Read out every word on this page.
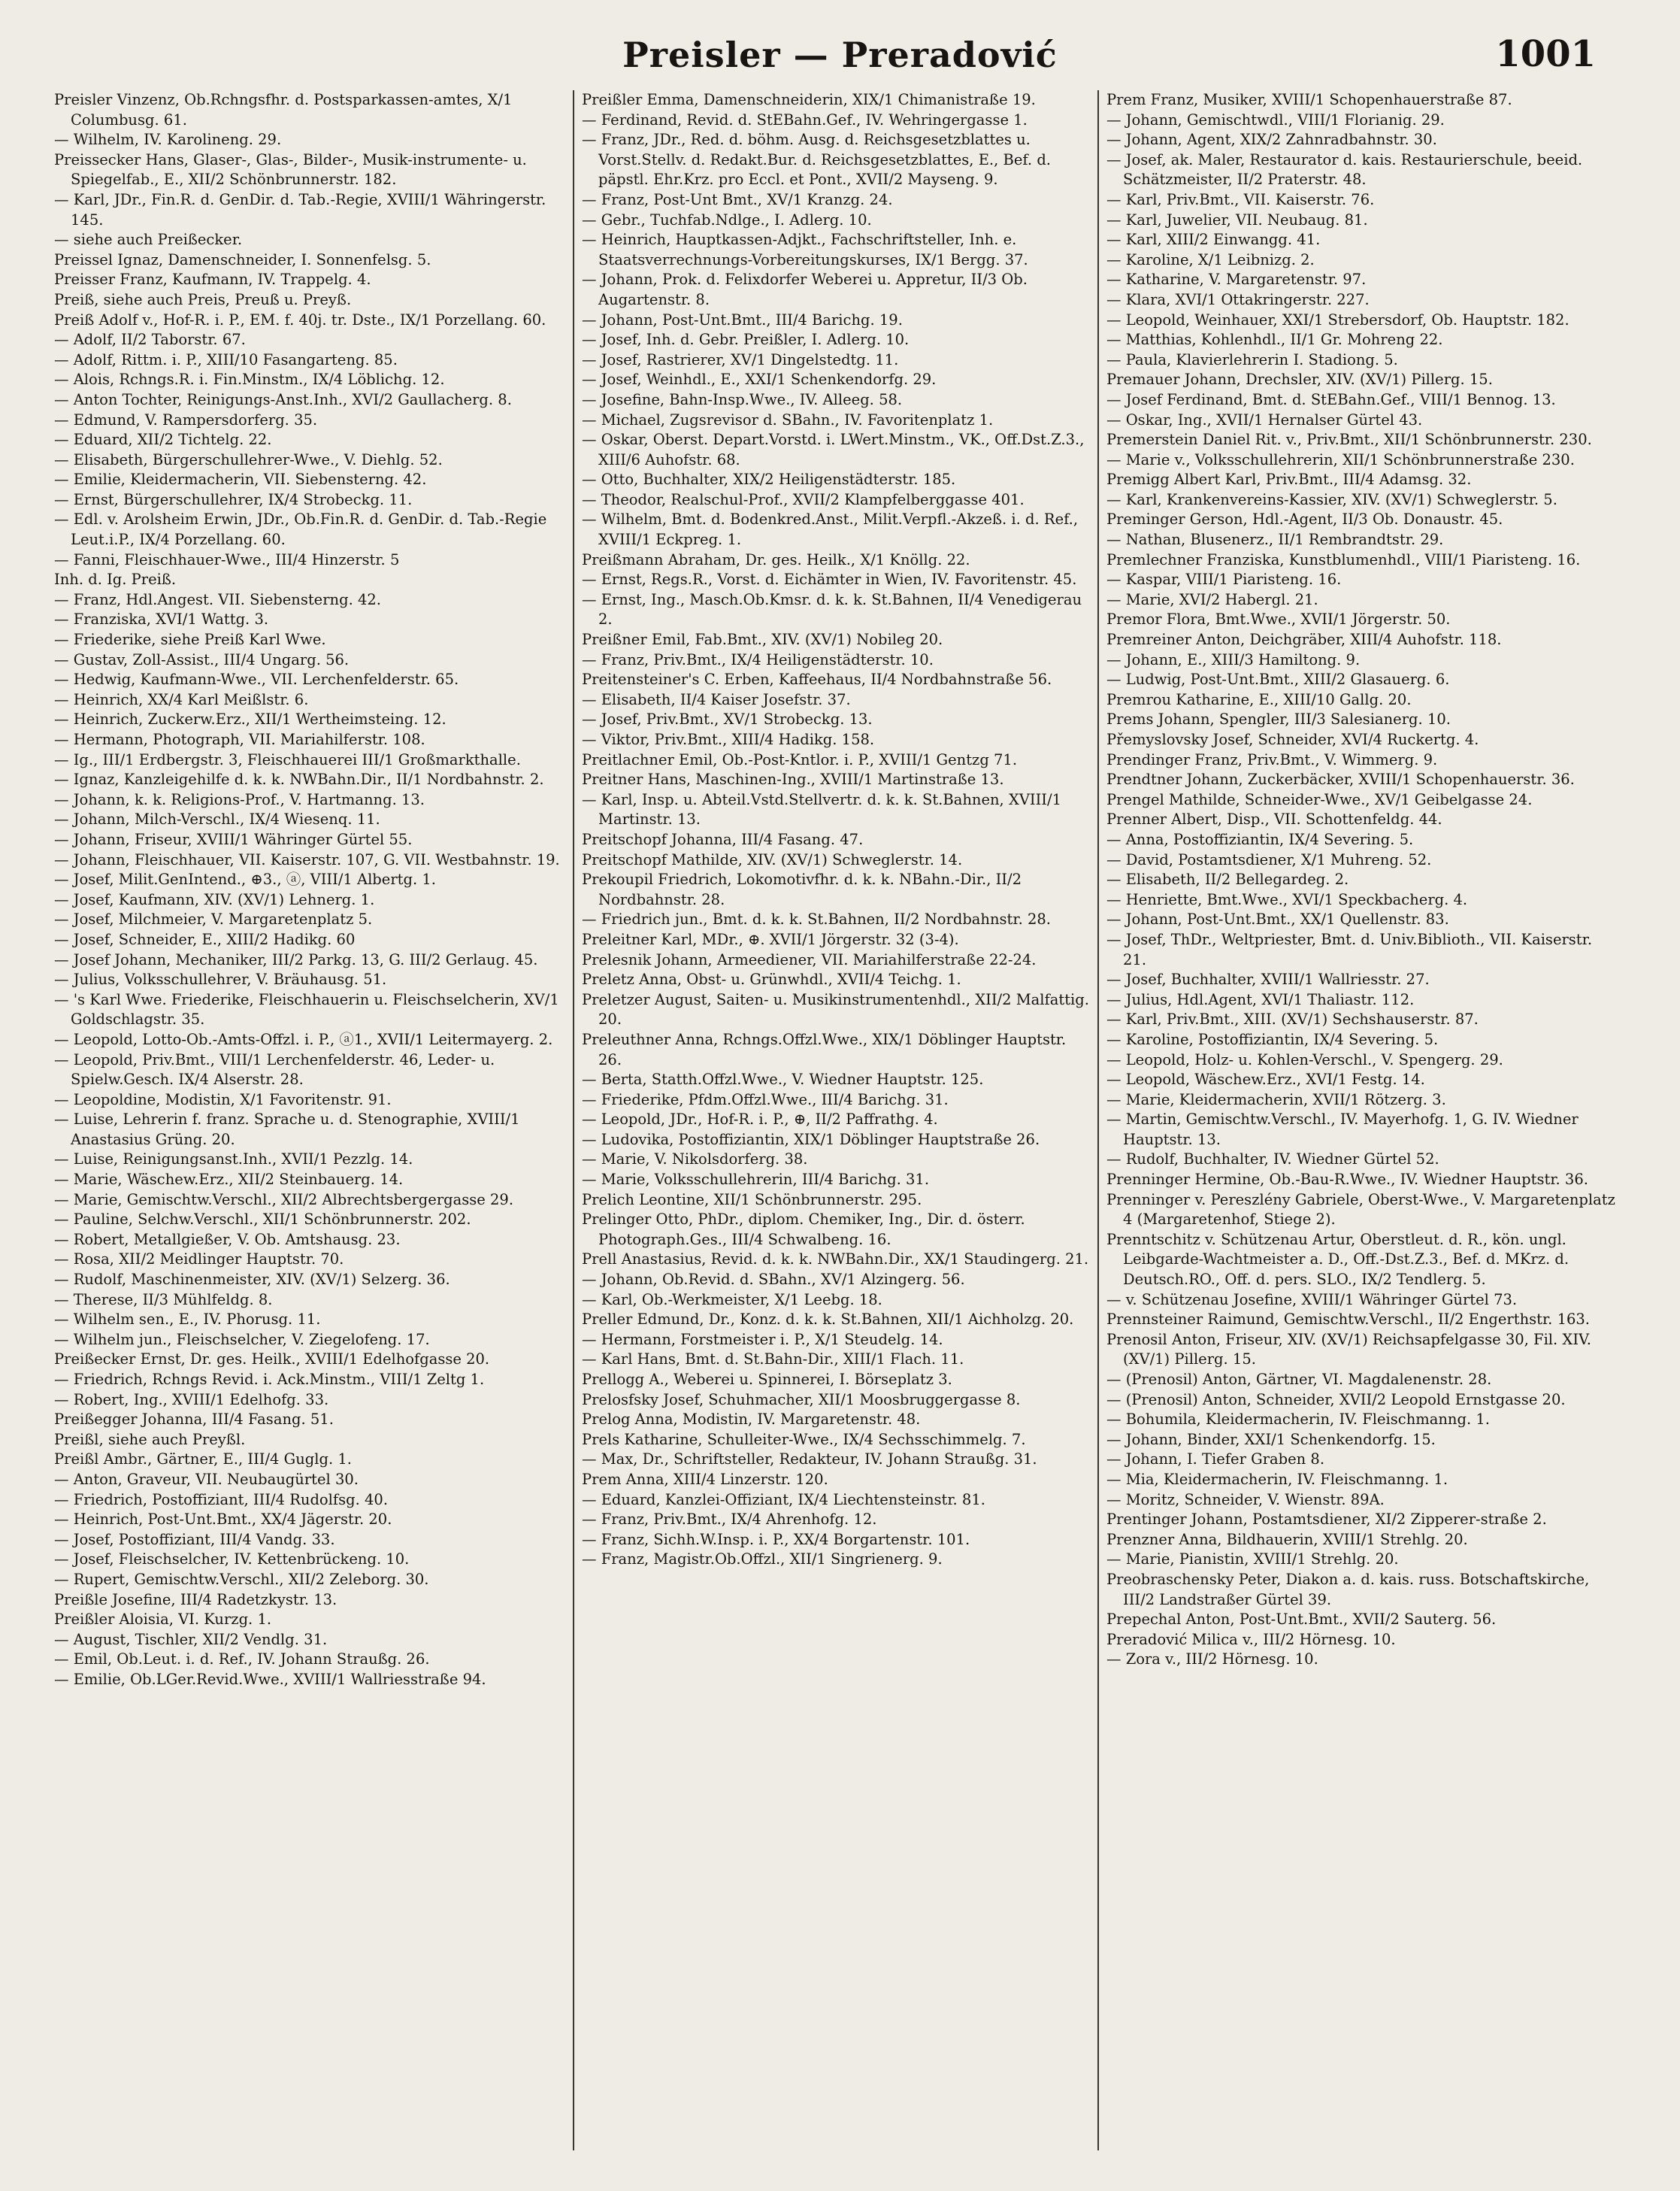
Preisler — Preradović	1001
Preisler Vinzenz, Ob.Rchngsfhr. d. Postsparkassen-amtes, X/1 Columbusg. 61.
— Wilhelm, IV. Karolineng. 29.
Preissecker Hans, Glaser-, Glas-, Bilder-, Musik-instrumente- u. Spiegelfab., E., XII/2 Schönbrunnerstr. 182.
— Karl, JDr., Fin.R. d. GenDir. d. Tab.-Regie, XVIII/1 Währingerstr. 145.
— siehe auch Preißecker.
Preissel Ignaz, Damenschneider, I. Sonnenfelsg. 5.
Preisser Franz, Kaufmann, IV. Trappelg. 4.
Preiß, siehe auch Preis, Preuß u. Preyß.
Preiß Adolf v., Hof-R. i. P., EM. f. 40j. tr. Dste., IX/1 Porzellang. 60.
— Adolf, II/2 Taborstr. 67.
— Adolf, Rittm. i. P., XIII/10 Fasangarteng. 85.
— Alois, Rchngs.R. i. Fin.Minstm., IX/4 Löblichg. 12.
— Anton Tochter, Reinigungs-Anst.Inh., XVI/2 Gaullacherg. 8.
— Edmund, V. Rampersdorferg. 35.
— Eduard, XII/2 Tichtelg. 22.
— Elisabeth, Bürgerschullehrer-Wwe., V. Diehlg. 52.
— Emilie, Kleidermacherin, VII. Siebensterng. 42.
— Ernst, Bürgerschullehrer, IX/4 Strobeckg. 11.
— Edl. v. Arolsheim Erwin, JDr., Ob.Fin.R. d. GenDir. d. Tab.-Regie Leut.i.P., IX/4 Porzellang. 60.
— Fanni, Fleischhauer-Wwe., III/4 Hinzerstr. 5
Inh. d. Ig. Preiß.
— Franz, Hdl.Angest. VII. Siebensterng. 42.
— Franziska, XVI/1 Wattg. 3.
— Friederike, siehe Preiß Karl Wwe.
— Gustav, Zoll-Assist., III/4 Ungarg. 56.
— Hedwig, Kaufmann-Wwe., VII. Lerchenfelderstr. 65.
— Heinrich, XX/4 Karl Meißlstr. 6.
— Heinrich, Zuckerw.Erz., XII/1 Wertheimsteing. 12.
— Hermann, Photograph, VII. Mariahilferstr. 108.
— Ig., III/1 Erdbergstr. 3, Fleischhauerei III/1 Großmarkthalle.
— Ignaz, Kanzleigehilfe d. k. k. NWBahn.Dir., II/1 Nordbahnstr. 2.
— Johann, k. k. Religions-Prof., V. Hartmanng. 13.
— Johann, Milch-Verschl., IX/4 Wiesenq. 11.
— Johann, Friseur, XVIII/1 Währinger Gürtel 55.
— Johann, Fleischhauer, VII. Kaiserstr. 107, G. VII. Westbahnstr. 19.
— Josef, Milit.GenIntend., ⊕3., ⓐ, VIII/1 Albertg. 1.
— Josef, Kaufmann, XIV. (XV/1) Lehnerg. 1.
— Josef, Milchmeier, V. Margaretenplatz 5.
— Josef, Schneider, E., XIII/2 Hadikg. 60
— Josef Johann, Mechaniker, III/2 Parkg. 13, G. III/2 Gerlaug. 45.
— Julius, Volksschullehrer, V. Bräuhausg. 51.
— 's Karl Wwe. Friederike, Fleischhauerin u. Fleischselcherin, XV/1 Goldschlagstr. 35.
— Leopold, Lotto-Ob.-Amts-Offzl. i. P., ⓐ1., XVII/1 Leitermayerg. 2.
— Leopold, Priv.Bmt., VIII/1 Lerchenfelderstr. 46, Leder- u. Spielw.Gesch. IX/4 Alserstr. 28.
— Leopoldine, Modistin, X/1 Favoritenstr. 91.
— Luise, Lehrerin f. franz. Sprache u. d. Stenographie, XVIII/1 Anastasius Grüng. 20.
— Luise, Reinigungsanst.Inh., XVII/1 Pezzlg. 14.
— Marie, Wäschew.Erz., XII/2 Steinbauerg. 14.
— Marie, Gemischtw.Verschl., XII/2 Albrechtsbergergasse 29.
— Pauline, Selchw.Verschl., XII/1 Schönbrunnerstr. 202.
— Robert, Metallgießer, V. Ob. Amtshausg. 23.
— Rosa, XII/2 Meidlinger Hauptstr. 70.
— Rudolf, Maschinenmeister, XIV. (XV/1) Selzerg. 36.
— Therese, II/3 Mühlfeldg. 8.
— Wilhelm sen., E., IV. Phorusg. 11.
— Wilhelm jun., Fleischselcher, V. Ziegelofeng. 17.
Preißecker Ernst, Dr. ges. Heilk., XVIII/1 Edelhofgasse 20.
— Friedrich, Rchngs Revid. i. Ack.Minstm., VIII/1 Zeltg 1.
— Robert, Ing., XVIII/1 Edelhofg. 33.
Preißegger Johanna, III/4 Fasang. 51.
Preißl, siehe auch Preyßl.
Preißl Ambr., Gärtner, E., III/4 Guglg. 1.
— Anton, Graveur, VII. Neubaugürtel 30.
— Friedrich, Postoffiziant, III/4 Rudolfsg. 40.
— Heinrich, Post-Unt.Bmt., XX/4 Jägerstr. 20.
— Josef, Postoffiziant, III/4 Vandg. 33.
— Josef, Fleischselcher, IV. Kettenbrückeng. 10.
— Rupert, Gemischtw.Verschl., XII/2 Zeleborg. 30.
Preißle Josefine, III/4 Radetzkystr. 13.
Preißler Aloisia, VI. Kurzg. 1.
— August, Tischler, XII/2 Vendlg. 31.
— Emil, Ob.Leut. i. d. Ref., IV. Johann Straußg. 26.
— Emilie, Ob.LGer.Revid.Wwe., XVIII/1 Wallriesstraße 94.
Preißler Emma, Damenschneiderin, XIX/1 Chimanistraße 19.
— Ferdinand, Revid. d. StEBahn.Gef., IV. Wehringergasse 1.
— Franz, JDr., Red. d. böhm. Ausg. d. Reichsgesetzblattes u. Vorst.Stellv. d. Redakt.Bur. d. Reichsgesetzblattes, E., Bef. d. päpstl. Ehr.Krz. pro Eccl. et Pont., XVII/2 Mayseng. 9.
— Franz, Post-Unt Bmt., XV/1 Kranzg. 24.
— Gebr., Tuchfab.Ndlge., I. Adlerg. 10.
— Heinrich, Hauptkassen-Adjkt., Fachschriftsteller, Inh. e. Staatsverrechnungs-Vorbereitungskurses, IX/1 Bergg. 37.
— Johann, Prok. d. Felixdorfer Weberei u. Appretur, II/3 Ob. Augartenstr. 8.
— Johann, Post-Unt.Bmt., III/4 Barichg. 19.
— Josef, Inh. d. Gebr. Preißler, I. Adlerg. 10.
— Josef, Rastrierer, XV/1 Dingelstedtg. 11.
— Josef, Weinhdl., E., XXI/1 Schenkendorfg. 29.
— Josefine, Bahn-Insp.Wwe., IV. Alleeg. 58.
— Michael, Zugsrevisor d. SBahn., IV. Favoritenplatz 1.
— Oskar, Oberst. Depart.Vorstd. i. LWert.Minstm., VK., Off.Dst.Z.3., XIII/6 Auhofstr. 68.
— Otto, Buchhalter, XIX/2 Heiligenstädterstr. 185.
— Theodor, Realschul-Prof., XVII/2 Klampfelberggasse 401.
— Wilhelm, Bmt. d. Bodenkred.Anst., Milit.Verpfl.-Akzeß. i. d. Ref., XVIII/1 Eckpreg. 1.
Preißmann Abraham, Dr. ges. Heilk., X/1 Knöllg. 22.
— Ernst, Regs.R., Vorst. d. Eichämter in Wien, IV. Favoritenstr. 45.
— Ernst, Ing., Masch.Ob.Kmsr. d. k. k. St.Bahnen, II/4 Venedigerau 2.
Preißner Emil, Fab.Bmt., XIV. (XV/1) Nobileg 20.
— Franz, Priv.Bmt., IX/4 Heiligenstädterstr. 10.
Preitensteiner's C. Erben, Kaffeehaus, II/4 Nordbahnstraße 56.
— Elisabeth, II/4 Kaiser Josefstr. 37.
— Josef, Priv.Bmt., XV/1 Strobeckg. 13.
— Viktor, Priv.Bmt., XIII/4 Hadikg. 158.
Preitlachner Emil, Ob.-Post-Kntlor. i. P., XVIII/1 Gentzg 71.
Preitner Hans, Maschinen-Ing., XVIII/1 Martinstraße 13.
— Karl, Insp. u. Abteil.Vstd.Stellvertr. d. k. k. St.Bahnen, XVIII/1 Martinstr. 13.
Preitschopf Johanna, III/4 Fasang. 47.
Preitschopf Mathilde, XIV. (XV/1) Schweglerstr. 14.
Prekoupil Friedrich, Lokomotivfhr. d. k. k. NBahn.-Dir., II/2 Nordbahnstr. 28.
— Friedrich jun., Bmt. d. k. k. St.Bahnen, II/2 Nordbahnstr. 28.
Preleitner Karl, MDr., ⊕. XVII/1 Jörgerstr. 32 (3-4).
Prelesnik Johann, Armeediener, VII. Mariahilferstraße 22-24.
Preletz Anna, Obst- u. Grünwhdl., XVII/4 Teichg. 1.
Preletzer August, Saiten- u. Musikinstrumentenhdl., XII/2 Malfattig. 20.
Preleuthner Anna, Rchngs.Offzl.Wwe., XIX/1 Döblinger Hauptstr. 26.
— Berta, Statth.Offzl.Wwe., V. Wiedner Hauptstr. 125.
— Friederike, Pfdm.Offzl.Wwe., III/4 Barichg. 31.
— Leopold, JDr., Hof-R. i. P., ⊕, II/2 Paffrathg. 4.
— Ludovika, Postoffiziantin, XIX/1 Döblinger Hauptstraße 26.
— Marie, V. Nikolsdorferg. 38.
— Marie, Volksschullehrerin, III/4 Barichg. 31.
Prelich Leontine, XII/1 Schönbrunnerstr. 295.
Prelinger Otto, PhDr., diplom. Chemiker, Ing., Dir. d. österr. Photograph.Ges., III/4 Schwalbeng. 16.
Prell Anastasius, Revid. d. k. k. NWBahn.Dir., XX/1 Staudingerg. 21.
— Johann, Ob.Revid. d. SBahn., XV/1 Alzingerg. 56.
— Karl, Ob.-Werkmeister, X/1 Leebg. 18.
Preller Edmund, Dr., Konz. d. k. k. St.Bahnen, XII/1 Aichholzg. 20.
— Hermann, Forstmeister i. P., X/1 Steudelg. 14.
— Karl Hans, Bmt. d. St.Bahn-Dir., XIII/1 Flach. 11.
Prellogg A., Weberei u. Spinnerei, I. Börseplatz 3.
Prelosfsky Josef, Schuhmacher, XII/1 Moosbruggergasse 8.
Prelog Anna, Modistin, IV. Margaretenstr. 48.
Prels Katharine, Schulleiter-Wwe., IX/4 Sechsschimmelg. 7.
— Max, Dr., Schriftsteller, Redakteur, IV. Johann Straußg. 31.
Prem Anna, XIII/4 Linzerstr. 120.
— Eduard, Kanzlei-Offiziant, IX/4 Liechtensteinstr. 81.
— Franz, Priv.Bmt., IX/4 Ahrenhofg. 12.
— Franz, Sichh.W.Insp. i. P., XX/4 Borgartenstr. 101.
— Franz, Magistr.Ob.Offzl., XII/1 Singrienerg. 9.
Prem Franz, Musiker, XVIII/1 Schopenhauerstraße 87.
— Johann, Gemischtwdl., VIII/1 Florianig. 29.
— Johann, Agent, XIX/2 Zahnradbahnstr. 30.
— Josef, ak. Maler, Restaurator d. kais. Restaurierschule, beeid. Schätzmeister, II/2 Praterstr. 48.
— Karl, Priv.Bmt., VII. Kaiserstr. 76.
— Karl, Juwelier, VII. Neubaug. 81.
— Karl, XIII/2 Einwangg. 41.
— Karoline, X/1 Leibnizg. 2.
— Katharine, V. Margaretenstr. 97.
— Klara, XVI/1 Ottakringerstr. 227.
— Leopold, Weinhauer, XXI/1 Strebersdorf, Ob. Hauptstr. 182.
— Matthias, Kohlenhdl., II/1 Gr. Mohreng 22.
— Paula, Klavierlehrerin I. Stadiong. 5.
Premauer Johann, Drechsler, XIV. (XV/1) Pillerg. 15.
— Josef Ferdinand, Bmt. d. StEBahn.Gef., VIII/1 Bennog. 13.
— Oskar, Ing., XVII/1 Hernalser Gürtel 43.
Premerstein Daniel Rit. v., Priv.Bmt., XII/1 Schönbrunnerstr. 230.
— Marie v., Volksschullehrerin, XII/1 Schönbrunnerstraße 230.
Premigg Albert Karl, Priv.Bmt., III/4 Adamsg. 32.
— Karl, Krankenvereins-Kassier, XIV. (XV/1) Schweglerstr. 5.
Preminger Gerson, Hdl.-Agent, II/3 Ob. Donaustr. 45.
— Nathan, Blusenerz., II/1 Rembrandtstr. 29.
Premlechner Franziska, Kunstblumenhdl., VIII/1 Piaristeng. 16.
— Kaspar, VIII/1 Piaristeng. 16.
— Marie, XVI/2 Habergl. 21.
Premor Flora, Bmt.Wwe., XVII/1 Jörgerstr. 50.
Premreiner Anton, Deichgräber, XIII/4 Auhofstr. 118.
— Johann, E., XIII/3 Hamiltong. 9.
— Ludwig, Post-Unt.Bmt., XIII/2 Glasauerg. 6.
Premrou Katharine, E., XIII/10 Gallg. 20.
Prems Johann, Spengler, III/3 Salesianerg. 10.
Přemyslovsky Josef, Schneider, XVI/4 Ruckertg. 4.
Prendinger Franz, Priv.Bmt., V. Wimmerg. 9.
Prendtner Johann, Zuckerbäcker, XVIII/1 Schopenhauerstr. 36.
Prengel Mathilde, Schneider-Wwe., XV/1 Geibelgasse 24.
Prenner Albert, Disp., VII. Schottenfeldg. 44.
— Anna, Postoffiziantin, IX/4 Severing. 5.
— David, Postamtsdiener, X/1 Muhreng. 52.
— Elisabeth, II/2 Bellegardeg. 2.
— Henriette, Bmt.Wwe., XVI/1 Speckbacherg. 4.
— Johann, Post-Unt.Bmt., XX/1 Quellenstr. 83.
— Josef, ThDr., Weltpriester, Bmt. d. Univ.Biblioth., VII. Kaiserstr. 21.
— Josef, Buchhalter, XVIII/1 Wallriesstr. 27.
— Julius, Hdl.Agent, XVI/1 Thaliastr. 112.
— Karl, Priv.Bmt., XIII. (XV/1) Sechshauserstr. 87.
— Karoline, Postoffiziantin, IX/4 Severing. 5.
— Leopold, Holz- u. Kohlen-Verschl., V. Spengerg. 29.
— Leopold, Wäschew.Erz., XVI/1 Festg. 14.
— Marie, Kleidermacherin, XVII/1 Rötzerg. 3.
— Martin, Gemischtw.Verschl., IV. Mayerhofg. 1, G. IV. Wiedner Hauptstr. 13.
— Rudolf, Buchhalter, IV. Wiedner Gürtel 52.
Prenninger Hermine, Ob.-Bau-R.Wwe., IV. Wiedner Hauptstr. 36.
Prenninger v. Pereszlény Gabriele, Oberst-Wwe., V. Margaretenplatz 4 (Margaretenhof, Stiege 2).
Prenntschitz v. Schützenau Artur, Oberstleut. d. R., kön. ungl. Leibgarde-Wachtmeister a. D., Off.-Dst.Z.3., Bef. d. MKrz. d. Deutsch.RO., Off. d. pers. SLO., IX/2 Tendlerg. 5.
— v. Schützenau Josefine, XVIII/1 Währinger Gürtel 73.
Prennsteiner Raimund, Gemischtw.Verschl., II/2 Engerthstr. 163.
Prenosil Anton, Friseur, XIV. (XV/1) Reichsapfelgasse 30, Fil. XIV. (XV/1) Pillerg. 15.
— (Prenosil) Anton, Gärtner, VI. Magdalenenstr. 28.
— (Prenosil) Anton, Schneider, XVII/2 Leopold Ernstgasse 20.
— Bohumila, Kleidermacherin, IV. Fleischmanng. 1.
— Johann, Binder, XXI/1 Schenkendorfg. 15.
— Johann, I. Tiefer Graben 8.
— Mia, Kleidermacherin, IV. Fleischmanng. 1.
— Moritz, Schneider, V. Wienstr. 89A.
Prentinger Johann, Postamtsdiener, XI/2 Zipperer-straße 2.
Prenzner Anna, Bildhauerin, XVIII/1 Strehlg. 20.
— Marie, Pianistin, XVIII/1 Strehlg. 20.
Preobraschensky Peter, Diakon a. d. kais. russ. Botschaftskirche, III/2 Landstraßer Gürtel 39.
Prepechal Anton, Post-Unt.Bmt., XVII/2 Sauterg. 56.
Preradović Milica v., III/2 Hörnesg. 10.
— Zora v., III/2 Hörnesg. 10.
